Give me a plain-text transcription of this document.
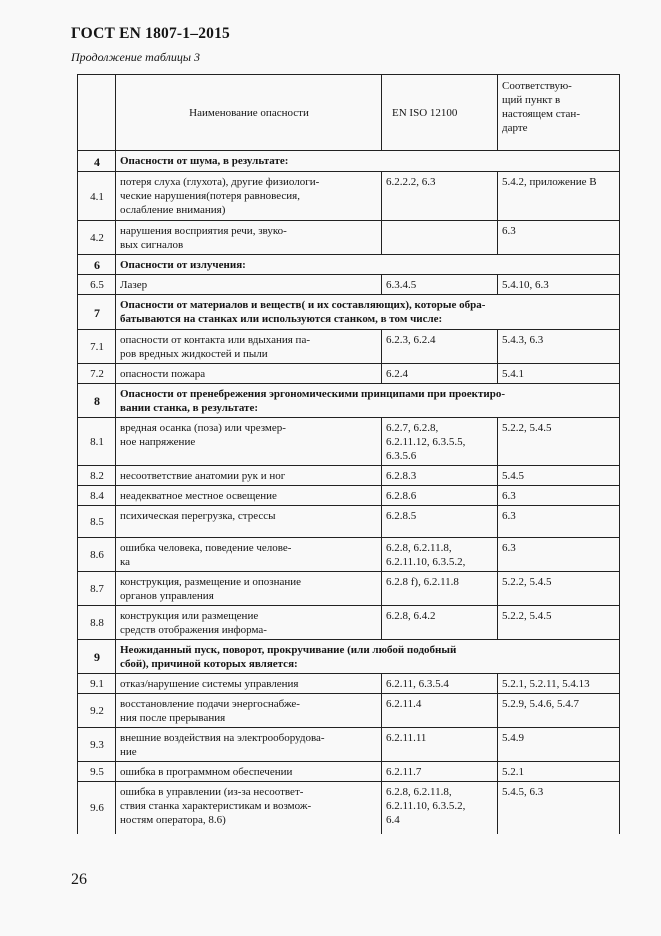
ГОСТ EN 1807-1–2015
Продолжение таблицы 3
	Наименование опасности	EN ISO 12100	Соответствую-
щий пункт в
настоящем стан-
дарте
4	Опасности от шума, в результате:		
4.1	потеря слуха (глухота), другие физиологи-
ческие нарушения(потеря равновесия,
ослабление внимания)	6.2.2.2, 6.3	5.4.2, приложение В
4.2	нарушения восприятия речи, звуко-
вых сигналов		6.3
6	Опасности от излучения:		
6.5	Лазер	6.3.4.5	5.4.10, 6.3
7	Опасности от материалов и веществ( и их составляющих), которые обра-
батываются на станках или используются станком, в том числе:		
7.1	опасности от контакта или вдыхания па-
ров вредных жидкостей и пыли	6.2.3, 6.2.4	5.4.3, 6.3
7.2	опасности пожара	6.2.4	5.4.1
8	Опасности от пренебрежения эргономическими принципами при проектиро-
вании станка, в результате:		
8.1	вредная осанка (поза) или чрезмер-
ное напряжение	6.2.7, 6.2.8,
6.2.11.12, 6.3.5.5,
6.3.5.6	5.2.2, 5.4.5
8.2	несоответствие анатомии рук и ног	6.2.8.3	5.4.5
8.4	неадекватное местное освещение	6.2.8.6	6.3
8.5	психическая перегрузка, стрессы	6.2.8.5	6.3
8.6	ошибка человека, поведение челове-
ка	6.2.8, 6.2.11.8,
6.2.11.10, 6.3.5.2,	6.3
8.7	конструкция, размещение и опознание
органов управления	6.2.8 f), 6.2.11.8	5.2.2, 5.4.5
8.8	конструкция или размещение
средств отображения информа-	6.2.8, 6.4.2	5.2.2, 5.4.5
9	Неожиданный пуск, поворот, прокручивание (или любой подобный
сбой), причиной которых является:		
9.1	отказ/нарушение системы управления	6.2.11, 6.3.5.4	5.2.1, 5.2.11, 5.4.13
9.2	восстановление подачи энергоснабже-
ния после прерывания	6.2.11.4	5.2.9, 5.4.6, 5.4.7
9.3	внешние воздействия на электрооборудова-
ние	6.2.11.11	5.4.9
9.5	ошибка в программном обеспечении	6.2.11.7	5.2.1
9.6	ошибка в управлении (из-за несоответ-
ствия станка характеристикам и возмож-
ностям оператора, 8.6)	6.2.8, 6.2.11.8,
6.2.11.10, 6.3.5.2,
6.4	5.4.5, 6.3
26
